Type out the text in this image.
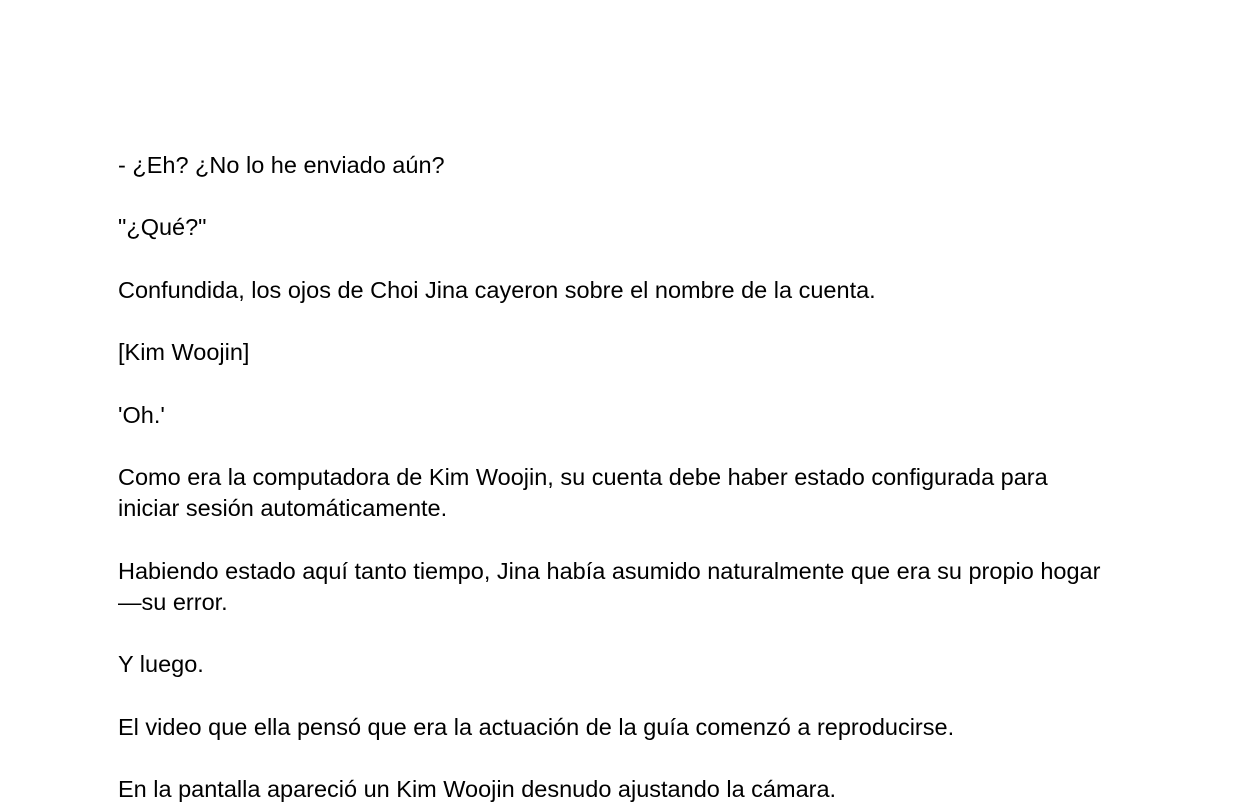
- ¿Eh? ¿No lo he enviado aún?

"¿Qué?"

Confundida, los ojos de Choi Jina cayeron sobre el nombre de la cuenta.

[Kim Woojin]

'Oh.'

Como era la computadora de Kim Woojin, su cuenta debe haber estado configurada para iniciar sesión automáticamente.

Habiendo estado aquí tanto tiempo, Jina había asumido naturalmente que era su propio hogar—su error.

Y luego.

El video que ella pensó que era la actuación de la guía comenzó a reproducirse.

En la pantalla apareció un Kim Woojin desnudo ajustando la cámara.
